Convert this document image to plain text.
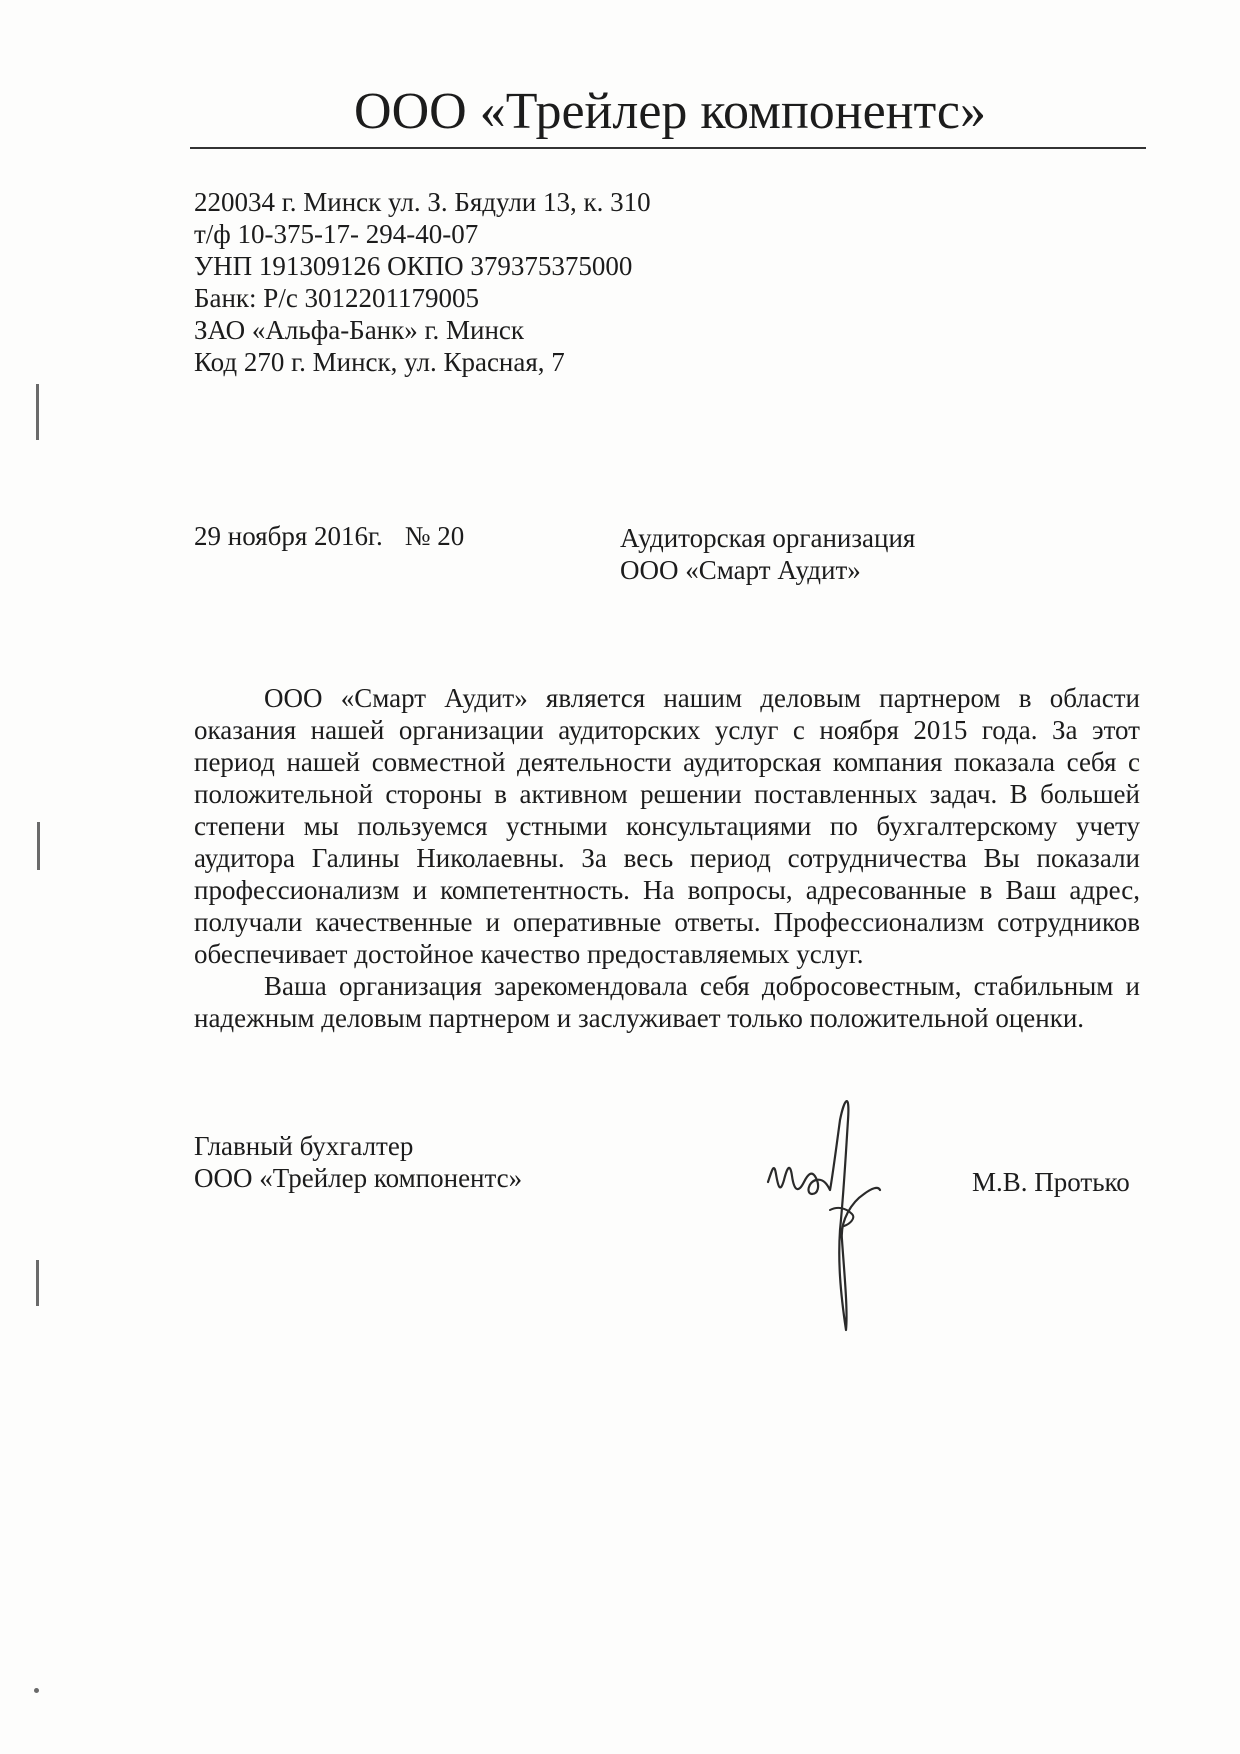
ООО «Трейлер компонентс»
220034 г. Минск ул. З. Бядули 13, к. 310
т/ф 10-375-17- 294-40-07
УНП 191309126 ОКПО 379375375000
Банк: Р/с 3012201179005
ЗАО «Альфа-Банк» г. Минск
Код 270 г. Минск, ул. Красная, 7
29 ноября 2016г. № 20	Аудиторская организация
ООО «Смарт Аудит»

ООО «Смарт Аудит» является нашим деловым партнером в области оказания нашей организации аудиторских услуг с ноября 2015 года. За этот период нашей совместной деятельности аудиторская компания показала себя с положительной стороны в активном решении поставленных задач. В большей степени мы пользуемся устными консультациями по бухгалтерскому учету аудитора Галины Николаевны. За весь период сотрудничества Вы показали профессионализм и компетентность. На вопросы, адресованные в Ваш адрес, получали качественные и оперативные ответы. Профессионализм сотрудников обеспечивает достойное качество предоставляемых услуг.

Ваша организация зарекомендовала себя добросовестным, стабильным и надежным деловым партнером и заслуживает только положительной оценки.

Главный бухгалтер
ООО «Трейлер компонентс»	М.В. Протько
